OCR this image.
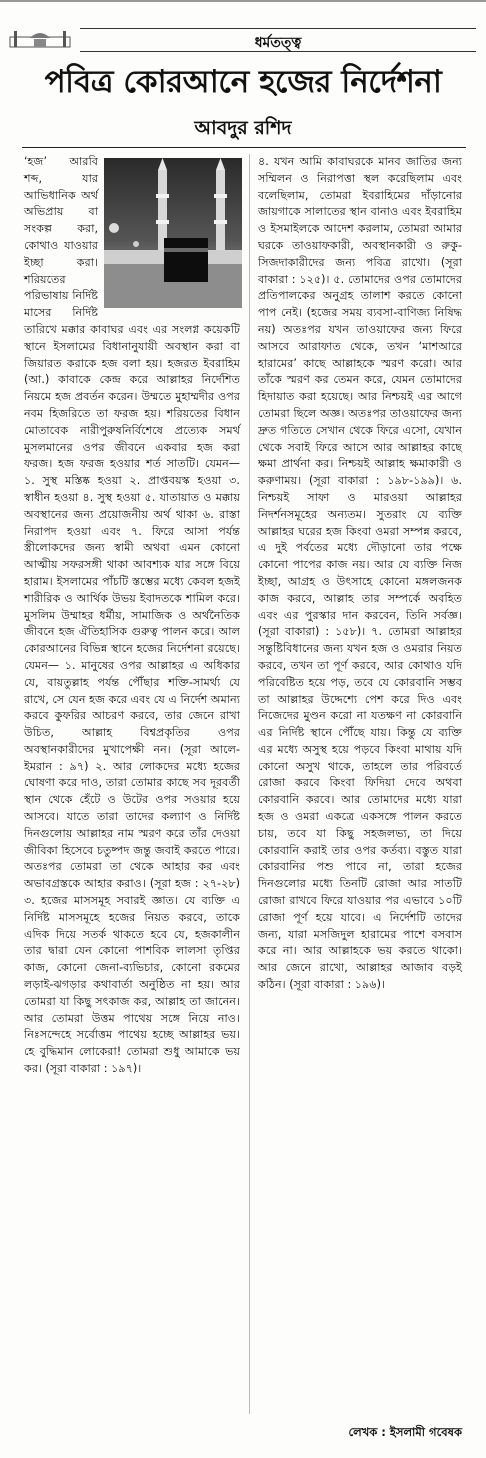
ধর্মতত্ত্ব
পবিত্র কোরআনে হজের নির্দেশনা
আবদুর রশিদ

‘হজ’ আরবি শব্দ, যার আভিধানিক অর্থ অভিপ্রায় বা সংকল্প করা, কোথাও যাওয়ার ইচ্ছা করা। শরিয়তের পরিভাষায় নির্দিষ্ট মাসের নির্দিষ্ট তারিখে মক্কার কাবাঘর এবং এর সংলগ্ন কয়েকটি স্থানে ইসলামের বিধানানুযায়ী অবস্থান করা বা জিয়ারত করাকে হজ বলা হয়। হজরত ইবরাহিম (আ.) কাবাকে কেন্দ্র করে আল্লাহর নির্দেশিত নিয়মে হজ প্রবর্তন করেন। উম্মতে মুহাম্মদীর ওপর নবম হিজরিতে তা ফরজ হয়। শরিয়তের বিধান মোতাবেক নারীপুরুষনির্বিশেষে প্রত্যেক সমর্থ মুসলমানের ওপর জীবনে একবার হজ করা ফরজ। হজ ফরজ হওয়ার শর্ত সাতটি। যেমন— ১. সুস্থ মস্তিষ্ক হওয়া ২. প্রাপ্তবয়স্ক হওয়া ৩. স্বাধীন হওয়া ৪. সুস্থ হওয়া ৫. যাতায়াত ও মক্কায় অবস্থানের জন্য প্রয়োজনীয় অর্থ থাকা ৬. রাস্তা নিরাপদ হওয়া এবং ৭. ফিরে আসা পর্যন্ত স্ত্রীলোকদের জন্য স্বামী অথবা এমন কোনো আত্মীয় সফরসঙ্গী থাকা আবশ্যক যার সঙ্গে বিয়ে হারাম। ইসলামের পাঁচটি স্তম্ভের মধ্যে কেবল হজই শারীরিক ও আর্থিক উভয় ইবাদতকে শামিল করে। মুসলিম উম্মাহর ধর্মীয়, সামাজিক ও অর্থনৈতিক জীবনে হজ ঐতিহাসিক গুরুত্ব পালন করে। আল কোরআনের বিভিন্ন স্থানে হজের নির্দেশনা রয়েছে। যেমন— ১. মানুষের ওপর আল্লাহর এ অধিকার যে, বায়তুল্লাহ পর্যন্ত পৌঁছার শক্তি-সামর্থ্য যে রাখে, সে যেন হজ করে এবং যে এ নির্দেশ অমান্য করবে কুফরির আচরণ করবে, তার জেনে রাখা উচিত, আল্লাহ বিশ্বপ্রকৃতির ওপর অবস্থানকারীদের মুখাপেক্ষী নন। (সূরা আলে-ইমরান : ৯৭) ২. আর লোকদের মধ্যে হজের ঘোষণা করে দাও, তারা তোমার কাছে সব দূরবর্তী স্থান থেকে হেঁটে ও উটের ওপর সওয়ার হয়ে আসবে। যাতে তারা তাদের কল্যাণ ও নির্দিষ্ট দিনগুলোয় আল্লাহর নাম স্মরণ করে তাঁর দেওয়া জীবিকা হিসেবে চতুষ্পদ জন্তু জবাই করতে পারে। অতঃপর তোমরা তা থেকে আহার কর এবং অভাবগ্রস্তকে আহার করাও। (সূরা হজ : ২৭-২৮) ৩. হজের মাসসমূহ সবারই জ্ঞাত। যে ব্যক্তি এ নির্দিষ্ট মাসসমূহে হজের নিয়ত করবে, তাকে এদিক দিয়ে সতর্ক থাকতে হবে যে, হজকালীন তার দ্বারা যেন কোনো পাশবিক লালসা তৃপ্তির কাজ, কোনো জেনা-ব্যভিচার, কোনো রকমের লড়াই-ঝগড়ার কথাবার্তা অনুষ্ঠিত না হয়। আর তোমরা যা কিছু সৎকাজ কর, আল্লাহ তা জানেন। আর তোমরা উত্তম পাথেয় সঙ্গে নিয়ে নাও। নিঃসন্দেহে সর্বোত্তম পাথেয় হচ্ছে আল্লাহর ভয়। হে বুদ্ধিমান লোকেরা! তোমরা শুধু আমাকে ভয় কর। (সূরা বাকারা : ১৯৭)।

৪. যখন আমি কাবাঘরকে মানব জাতির জন্য সম্মিলন ও নিরাপত্তা স্থল করেছিলাম এবং বলেছিলাম, তোমরা ইবরাহিমের দাঁড়ানোর জায়গাকে সালাতের স্থান বানাও এবং ইবরাহিম ও ইসমাইলকে আদেশ করলাম, তোমরা আমার ঘরকে তাওয়াফকারী, অবস্থানকারী ও রুকু-সিজদাকারীদের জন্য পবিত্র রাখো। (সূরা বাকারা : ১২৫)। ৫. তোমাদের ওপর তোমাদের প্রতিপালকের অনুগ্রহ তালাশ করতে কোনো পাপ নেই। (হজের সময় ব্যবসা-বাণিজ্য নিষিদ্ধ নয়) অতঃপর যখন তাওয়াফের জন্য ফিরে আসবে আরাফাত থেকে, তখন ‘মাশআরে হারামের’ কাছে আল্লাহকে স্মরণ করো। আর তাঁকে স্মরণ কর তেমন করে, যেমন তোমাদের হিদায়াত করা হয়েছে। আর নিশ্চয়ই এর আগে তোমরা ছিলে অজ্ঞ। অতঃপর তাওয়াফের জন্য দ্রুত গতিতে সেখান থেকে ফিরে এসো, যেখান থেকে সবাই ফিরে আসে আর আল্লাহর কাছে ক্ষমা প্রার্থনা কর। নিশ্চয়ই আল্লাহ ক্ষমাকারী ও করুণাময়। (সূরা বাকারা : ১৯৮-১৯৯)। ৬. নিশ্চয়ই সাফা ও মারওয়া আল্লাহর নিদর্শনসমূহের অন্যতম। সুতরাং যে ব্যক্তি আল্লাহর ঘরের হজ কিংবা ওমরা সম্পন্ন করবে, এ দুই পর্বতের মধ্যে দৌড়ানো তার পক্ষে কোনো পাপের কাজ নয়। আর যে ব্যক্তি নিজ ইচ্ছা, আগ্রহ ও উৎসাহে কোনো মঙ্গলজনক কাজ করবে, আল্লাহ তার সম্পর্কে অবহিত এবং এর পুরস্কার দান করবেন, তিনি সর্বজ্ঞ। (সূরা বাকারা) : ১৫৮)। ৭. তোমরা আল্লাহর সন্তুষ্টিবিধানের জন্য যখন হজ ও ওমরার নিয়ত করবে, তখন তা পূর্ণ করবে, আর কোথাও যদি পরিবেষ্টিত হয়ে পড়, তবে যে কোরবানি সম্ভব তা আল্লাহর উদ্দেশ্যে পেশ করে দিও এবং নিজেদের মুণ্ডন করো না যতক্ষণ না কোরবানি এর নির্দিষ্ট স্থানে পৌঁছে যায়। কিন্তু যে ব্যক্তি এর মধ্যে অসুস্থ হয়ে পড়বে কিংবা মাথায় যদি কোনো অসুখ থাকে, তাহলে তার পরিবর্তে রোজা করবে কিংবা ফিদিয়া দেবে অথবা কোরবানি করবে। আর তোমাদের মধ্যে যারা হজ ও ওমরা একত্রে একসঙ্গে পালন করতে চায়, তবে যা কিছু সহজলভ্য, তা দিয়ে কোরবানি করাই তার ওপর কর্তব্য। বস্তুত যারা কোরবানির পশু পাবে না, তারা হজের দিনগুলোর মধ্যে তিনটি রোজা আর সাতটি রোজা রাখবে ফিরে যাওয়ার পর এভাবে ১০টি রোজা পূর্ণ হয়ে যাবে। এ নির্দেশটি তাদের জন্য, যারা মসজিদুল হারামের পাশে বসবাস করে না। আর আল্লাহকে ভয় করতে থাকো। আর জেনে রাখো, আল্লাহর আজাব বড়ই কঠিন। (সূরা বাকারা : ১৯৬)।

লেখক : ইসলামী গবেষক
